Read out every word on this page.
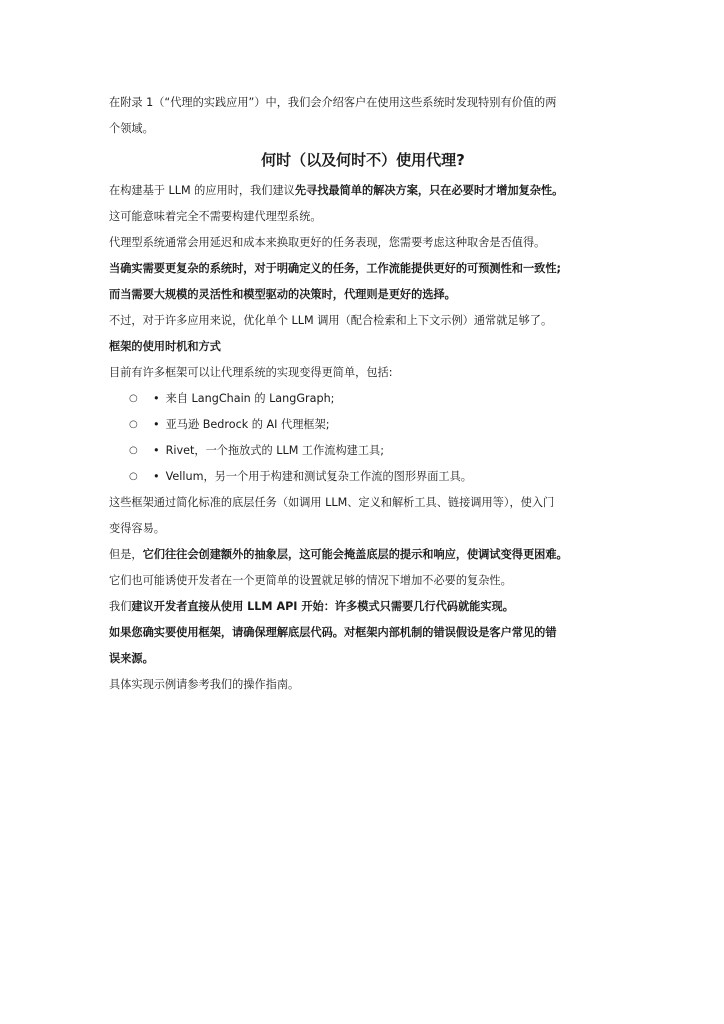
在附录 1（“代理的实践应用”）中，我们会介绍客户在使用这些系统时发现特别有价值的两

个领域。

何时（以及何时不）使用代理?

在构建基于 LLM 的应用时，我们建议先寻找最简单的解决方案，只在必要时才增加复杂性。

这可能意味着完全不需要构建代理型系统。

代理型系统通常会用延迟和成本来换取更好的任务表现，您需要考虑这种取舍是否值得。

当确实需要更复杂的系统时，对于明确定义的任务，工作流能提供更好的可预测性和一致性;

而当需要大规模的灵活性和模型驱动的决策时，代理则是更好的选择。

不过，对于许多应用来说，优化单个 LLM 调用（配合检索和上下文示例）通常就足够了。

框架的使用时机和方式

目前有许多框架可以让代理系统的实现变得更简单，包括:

○ • 来自 LangChain 的 LangGraph;
○ • 亚马逊 Bedrock 的 AI 代理框架;
○ • Rivet，一个拖放式的 LLM 工作流构建工具;
○ • Vellum，另一个用于构建和测试复杂工作流的图形界面工具。

这些框架通过简化标准的底层任务（如调用 LLM、定义和解析工具、链接调用等），使入门

变得容易。

但是，它们往往会创建额外的抽象层，这可能会掩盖底层的提示和响应，使调试变得更困难。

它们也可能诱使开发者在一个更简单的设置就足够的情况下增加不必要的复杂性。

我们建议开发者直接从使用 LLM API 开始：许多模式只需要几行代码就能实现。

如果您确实要使用框架，请确保理解底层代码。对框架内部机制的错误假设是客户常见的错

误来源。

具体实现示例请参考我们的操作指南。
